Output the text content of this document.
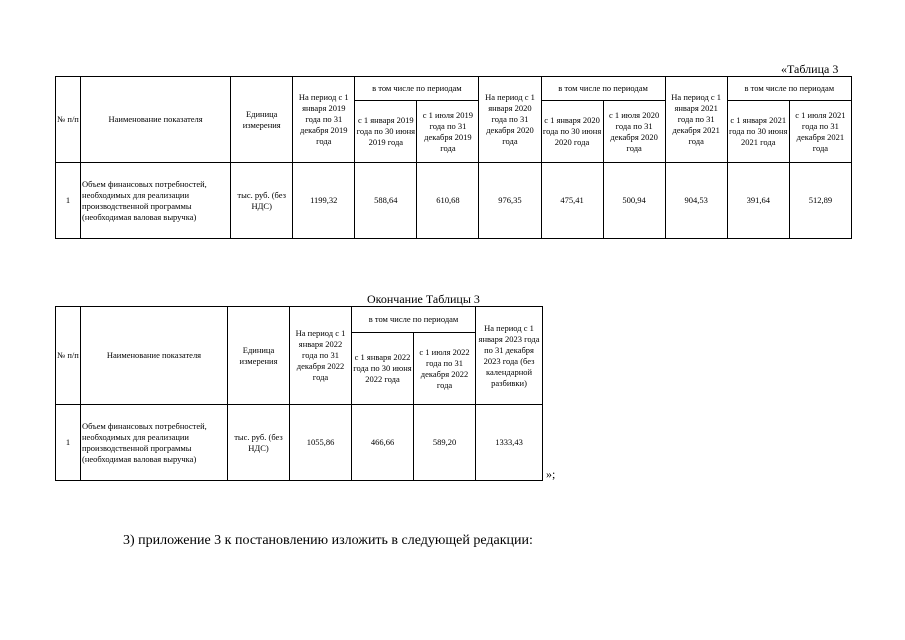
«Таблица 3
№ п/п	Наименование показателя	Единица измерения	На период с 1 января 2019 года по 31 декабря 2019 года	в том числе по периодам		На период с 1 января 2020 года по 31 декабря 2020 года	в том числе по периодам		На период с 1 января 2021 года по 31 декабря 2021 года	в том числе по периодам	
				с 1 января 2019 года по 30 июня 2019 года	с 1 июля 2019 года по 31 декабря 2019 года		с 1 января 2020 года по 30 июня 2020 года	с 1 июля 2020 года по 31 декабря 2020 года		с 1 января 2021 года по 30 июня 2021 года	с 1 июля 2021 года по 31 декабря 2021 года
1	Объем финансовых потребностей, необходимых для реализации производственной программы (необходимая валовая выручка)	тыс. руб. (без НДС)	1199,32	588,64	610,68	976,35	475,41	500,94	904,53	391,64	512,89
Окончание Таблицы 3
№ п/п	Наименование показателя	Единица измерения	На период с 1 января 2022 года по 31 декабря 2022 года	в том числе по периодам		На период с 1 января 2023 года по 31 декабря 2023 года (без календарной разбивки)
				с 1 января 2022 года по 30 июня 2022 года	с 1 июля 2022 года по 31 декабря 2022 года	
1	Объем финансовых потребностей, необходимых для реализации производственной программы (необходимая валовая выручка)	тыс. руб. (без НДС)	1055,86	466,66	589,20	1333,43
»;
3) приложение 3 к постановлению изложить в следующей редакции:
